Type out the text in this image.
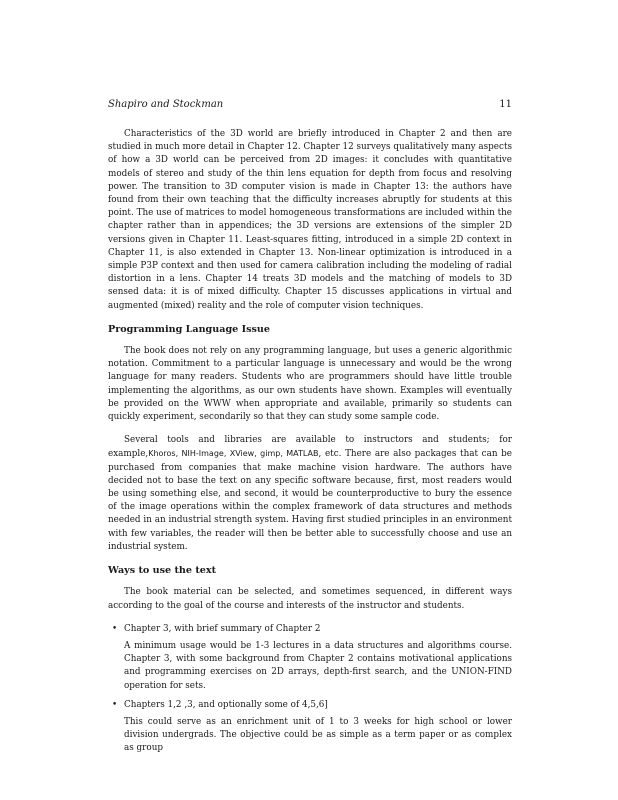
Shapiro and Stockman	11

Characteristics of the 3D world are briefly introduced in Chapter 2 and then are studied in much more detail in Chapter 12. Chapter 12 surveys qualitatively many aspects of how a 3D world can be perceived from 2D images: it concludes with quantitative models of stereo and study of the thin lens equation for depth from focus and resolving power. The transition to 3D computer vision is made in Chapter 13: the authors have found from their own teaching that the difficulty increases abruptly for students at this point. The use of matrices to model homogeneous transformations are included within the chapter rather than in appendices; the 3D versions are extensions of the simpler 2D versions given in Chapter 11. Least-squares fitting, introduced in a simple 2D context in Chapter 11, is also extended in Chapter 13. Non-linear optimization is introduced in a simple P3P context and then used for camera calibration including the modeling of radial distortion in a lens. Chapter 14 treats 3D models and the matching of models to 3D sensed data: it is of mixed difficulty. Chapter 15 discusses applications in virtual and augmented (mixed) reality and the role of computer vision techniques.

Programming Language Issue

The book does not rely on any programming language, but uses a generic algorithmic notation. Commitment to a particular language is unnecessary and would be the wrong language for many readers. Students who are programmers should have little trouble implementing the algorithms, as our own students have shown. Examples will eventually be provided on the WWW when appropriate and available, primarily so students can quickly experiment, secondarily so that they can study some sample code.

Several tools and libraries are available to instructors and students; for example,Khoros, NIH-Image, XView, gimp, MATLAB, etc. There are also packages that can be purchased from companies that make machine vision hardware. The authors have decided not to base the text on any specific software because, first, most readers would be using something else, and second, it would be counterproductive to bury the essence of the image operations within the complex framework of data structures and methods needed in an industrial strength system. Having first studied principles in an environment with few variables, the reader will then be better able to successfully choose and use an industrial system.

Ways to use the text

The book material can be selected, and sometimes sequenced, in different ways according to the goal of the course and interests of the instructor and students.

• Chapter 3, with brief summary of Chapter 2
A minimum usage would be 1-3 lectures in a data structures and algorithms course. Chapter 3, with some background from Chapter 2 contains motivational applications and programming exercises on 2D arrays, depth-first search, and the UNION-FIND operation for sets.
• Chapters 1,2 ,3, and optionally some of 4,5,6]
This could serve as an enrichment unit of 1 to 3 weeks for high school or lower division undergrads. The objective could be as simple as a term paper or as complex as group
